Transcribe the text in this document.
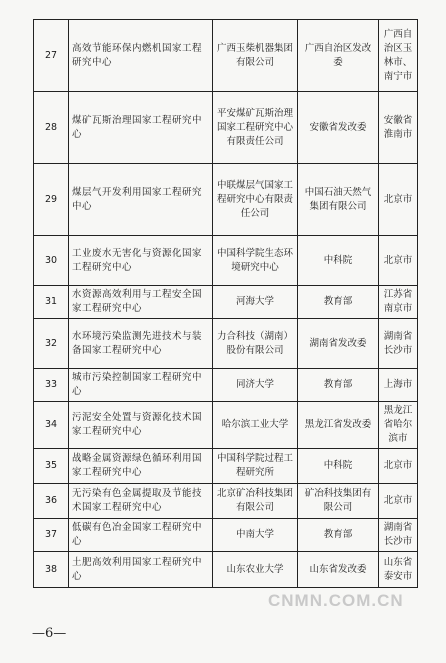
27	高效节能环保内燃机国家工程研究中心	广西玉柴机器集团有限公司	广西自治区发改委	广西自治区玉林市、南宁市
28	煤矿瓦斯治理国家工程研究中心	平安煤矿瓦斯治理国家工程研究中心有限责任公司	安徽省发改委	安徽省淮南市
29	煤层气开发利用国家工程研究中心	中联煤层气国家工程研究中心有限责任公司	中国石油天然气集团有限公司	北京市
30	工业废水无害化与资源化国家工程研究中心	中国科学院生态环境研究中心	中科院	北京市
31	水资源高效利用与工程安全国家工程研究中心	河海大学	教育部	江苏省南京市
32	水环境污染监测先进技术与装备国家工程研究中心	力合科技（湖南）股份有限公司	湖南省发改委	湖南省长沙市
33	城市污染控制国家工程研究中心	同济大学	教育部	上海市
34	污泥安全处置与资源化技术国家工程研究中心	哈尔滨工业大学	黑龙江省发改委	黑龙江省哈尔滨市
35	战略金属资源绿色循环利用国家工程研究中心	中国科学院过程工程研究所	中科院	北京市
36	无污染有色金属提取及节能技术国家工程研究中心	北京矿冶科技集团有限公司	矿冶科技集团有限公司	北京市
37	低碳有色冶金国家工程研究中心	中南大学	教育部	湖南省长沙市
38	土肥高效利用国家工程研究中心	山东农业大学	山东省发改委	山东省泰安市
CNMN.COM.CN
—6—
